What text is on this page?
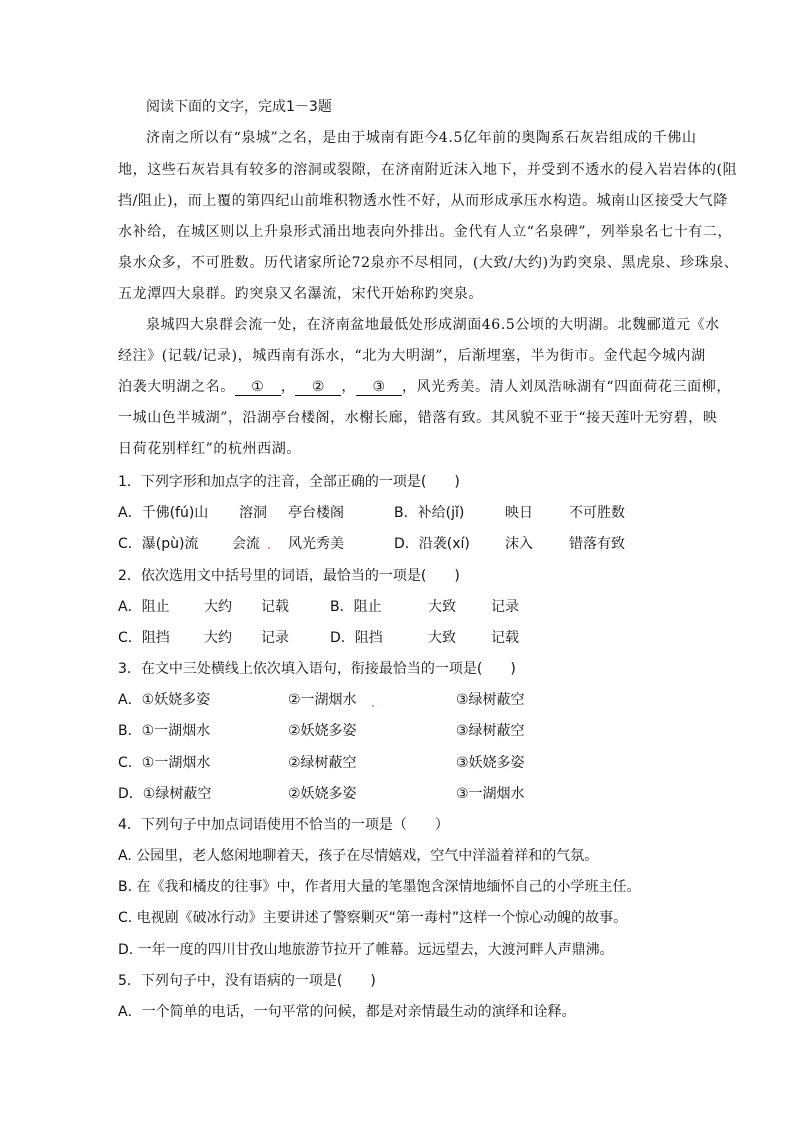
阅读下面的文字，完成1－3题
济南之所以有“泉城”之名，是由于城南有距今4.5亿年前的奥陶系石灰岩组成的千佛山
地，这些石灰岩具有较多的溶洞或裂隙，在济南附近沫入地下，并受到不透水的侵入岩岩体的(阻
挡/阻止)，而上覆的第四纪山前堆积物透水性不好，从而形成承压水构造。城南山区接受大气降
水补给，在城区则以上升泉形式涌出地表向外排出。金代有人立“名泉碑”，列举泉名七十有二，
泉水众多，不可胜数。历代诸家所论72泉亦不尽相同，(大致/大约)为趵突泉、黑虎泉、珍珠泉、
五龙潭四大泉群。趵突泉又名瀑流，宋代开始称趵突泉。
泉城四大泉群会流一处，在济南盆地最低处形成湖面46.5公顷的大明湖。北魏郦道元《水
经注》(记载/记录)，城西南有泺水，“北为大明湖”，后渐埋塞，半为街市。金代起今城内湖
泊袭大明湖之名。 ① ， ② ， ③ ，风光秀美。清人刘凤浩咏湖有“四面荷花三面柳，
一城山色半城湖”，沿湖亭台楼阁，水榭长廊，错落有致。其风貌不亚于“接天莲叶无穷碧，映
日荷花别样红”的杭州西湖。
1．下列字形和加点字的注音，全部正确的一项是(　　)
A．千佛(fú)山 溶洞 亭台楼阁	B．补给(jǐ)	映日	不可胜数
C．瀑(pù)流 会流 风光秀美	D．沿袭(xí)	沫入	错落有致
2．依次选用文中括号里的词语，最恰当的一项是(　　)
A．阻止 大约 记载	B．阻止	大致	记录
C．阻挡 大约 记录	D．阻挡	大致	记载
3．在文中三处横线上依次填入语句，衔接最恰当的一项是(　　)
A．①妖娆多姿	②一湖烟水	③绿树蔽空
B．①一湖烟水	②妖娆多姿	③绿树蔽空
C．①一湖烟水	②绿树蔽空	③妖娆多姿
D．①绿树蔽空	②妖娆多姿	③一湖烟水
4．下列句子中加点词语使用不恰当的一项是（　　）
A. 公园里，老人悠闲地聊着天，孩子在尽情嬉戏，空气中洋溢着祥和的气氛。
B. 在《我和橘皮的往事》中，作者用大量的笔墨饱含深情地缅怀自己的小学班主任。
C. 电视剧《破冰行动》主要讲述了警察剿灭“第一毒村”这样一个惊心动魄的故事。
D. 一年一度的四川甘孜山地旅游节拉开了帷幕。远远望去，大渡河畔人声鼎沸。
5．下列句子中，没有语病的一项是(　　)
A．一个简单的电话，一句平常的问候，都是对亲情最生动的演绎和诠释。
